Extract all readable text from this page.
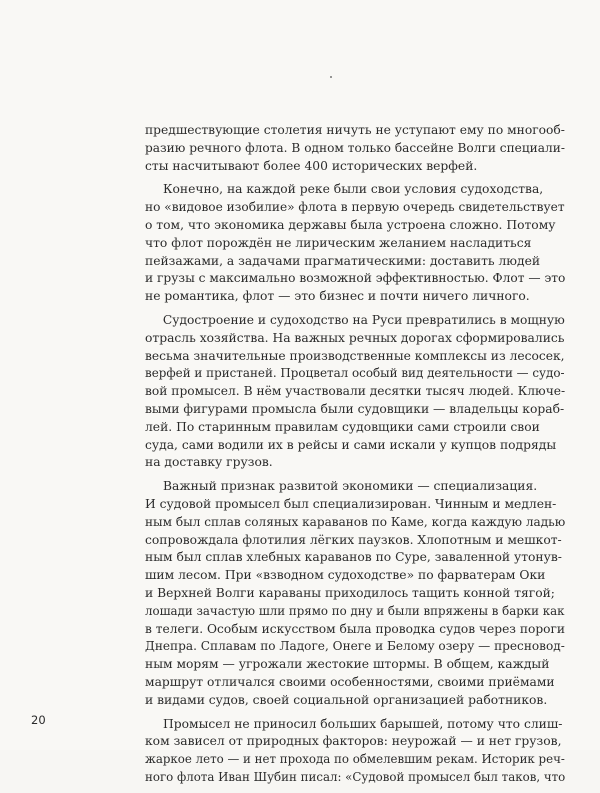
предшествующие столетия ничуть не уступают ему по многооб-
разию речного флота. В одном только бассейне Волги специали-
сты насчитывают более 400 исторических верфей.

Конечно, на каждой реке были свои условия судоходства,
но «видовое изобилие» флота в первую очередь свидетельствует
о том, что экономика державы была устроена сложно. Потому
что флот порождён не лирическим желанием насладиться
пейзажами, а задачами прагматическими: доставить людей
и грузы с максимально возможной эффективностью. Флот — это
не романтика, флот — это бизнес и почти ничего личного.

Судостроение и судоходство на Руси превратились в мощную
отрасль хозяйства. На важных речных дорогах сформировались
весьма значительные производственные комплексы из лесосек,
верфей и пристаней. Процветал особый вид деятельности — судо-
вой промысел. В нём участвовали десятки тысяч людей. Ключе-
выми фигурами промысла были судовщики — владельцы кораб-
лей. По старинным правилам судовщики сами строили свои
суда, сами водили их в рейсы и сами искали у купцов подряды
на доставку грузов.

Важный признак развитой экономики — специализация.
И судовой промысел был специализирован. Чинным и медлен-
ным был сплав соляных караванов по Каме, когда каждую ладью
сопровождала флотилия лёгких паузков. Хлопотным и мешкот-
ным был сплав хлебных караванов по Суре, заваленной утонув-
шим лесом. При «взводном судоходстве» по фарватерам Оки
и Верхней Волги караваны приходилось тащить конной тягой;
лошади зачастую шли прямо по дну и были впряжены в барки как
в телеги. Особым искусством была проводка судов через пороги
Днепра. Сплавам по Ладоге, Онеге и Белому озеру — пресновод-
ным морям — угрожали жестокие штормы. В общем, каждый
маршрут отличался своими особенностями, своими приёмами
и видами судов, своей социальной организацией работников.

Промысел не приносил больших барышей, потому что слиш-
ком зависел от природных факторов: неурожай — и нет грузов,
жаркое лето — и нет прохода по обмелевшим рекам. Историк реч-
ного флота Иван Шубин писал: «Судовой промысел был таков, что

20
